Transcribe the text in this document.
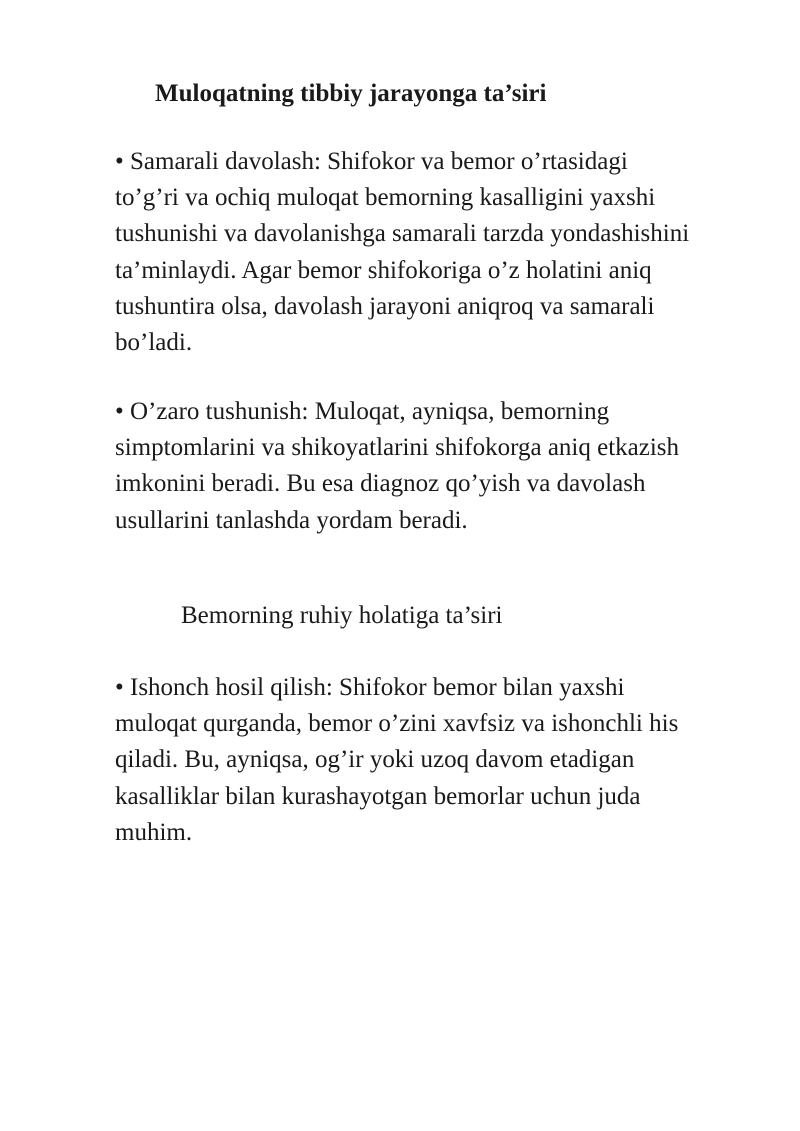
Muloqatning tibbiy jarayonga ta’siri

• Samarali davolash: Shifokor va bemor o’rtasidagi
to’g’ri va ochiq muloqat bemorning kasalligini yaxshi
tushunishi va davolanishga samarali tarzda yondashishini
ta’minlaydi. Agar bemor shifokoriga o’z holatini aniq
tushuntira olsa, davolash jarayoni aniqroq va samarali
bo’ladi.

• O’zaro tushunish: Muloqat, ayniqsa, bemorning
simptomlarini va shikoyatlarini shifokorga aniq etkazish
imkonini beradi. Bu esa diagnoz qo’yish va davolash
usullarini tanlashda yordam beradi.

Bemorning ruhiy holatiga ta’siri

• Ishonch hosil qilish: Shifokor bemor bilan yaxshi
muloqat qurganda, bemor o’zini xavfsiz va ishonchli his
qiladi. Bu, ayniqsa, og’ir yoki uzoq davom etadigan
kasalliklar bilan kurashayotgan bemorlar uchun juda
muhim.
